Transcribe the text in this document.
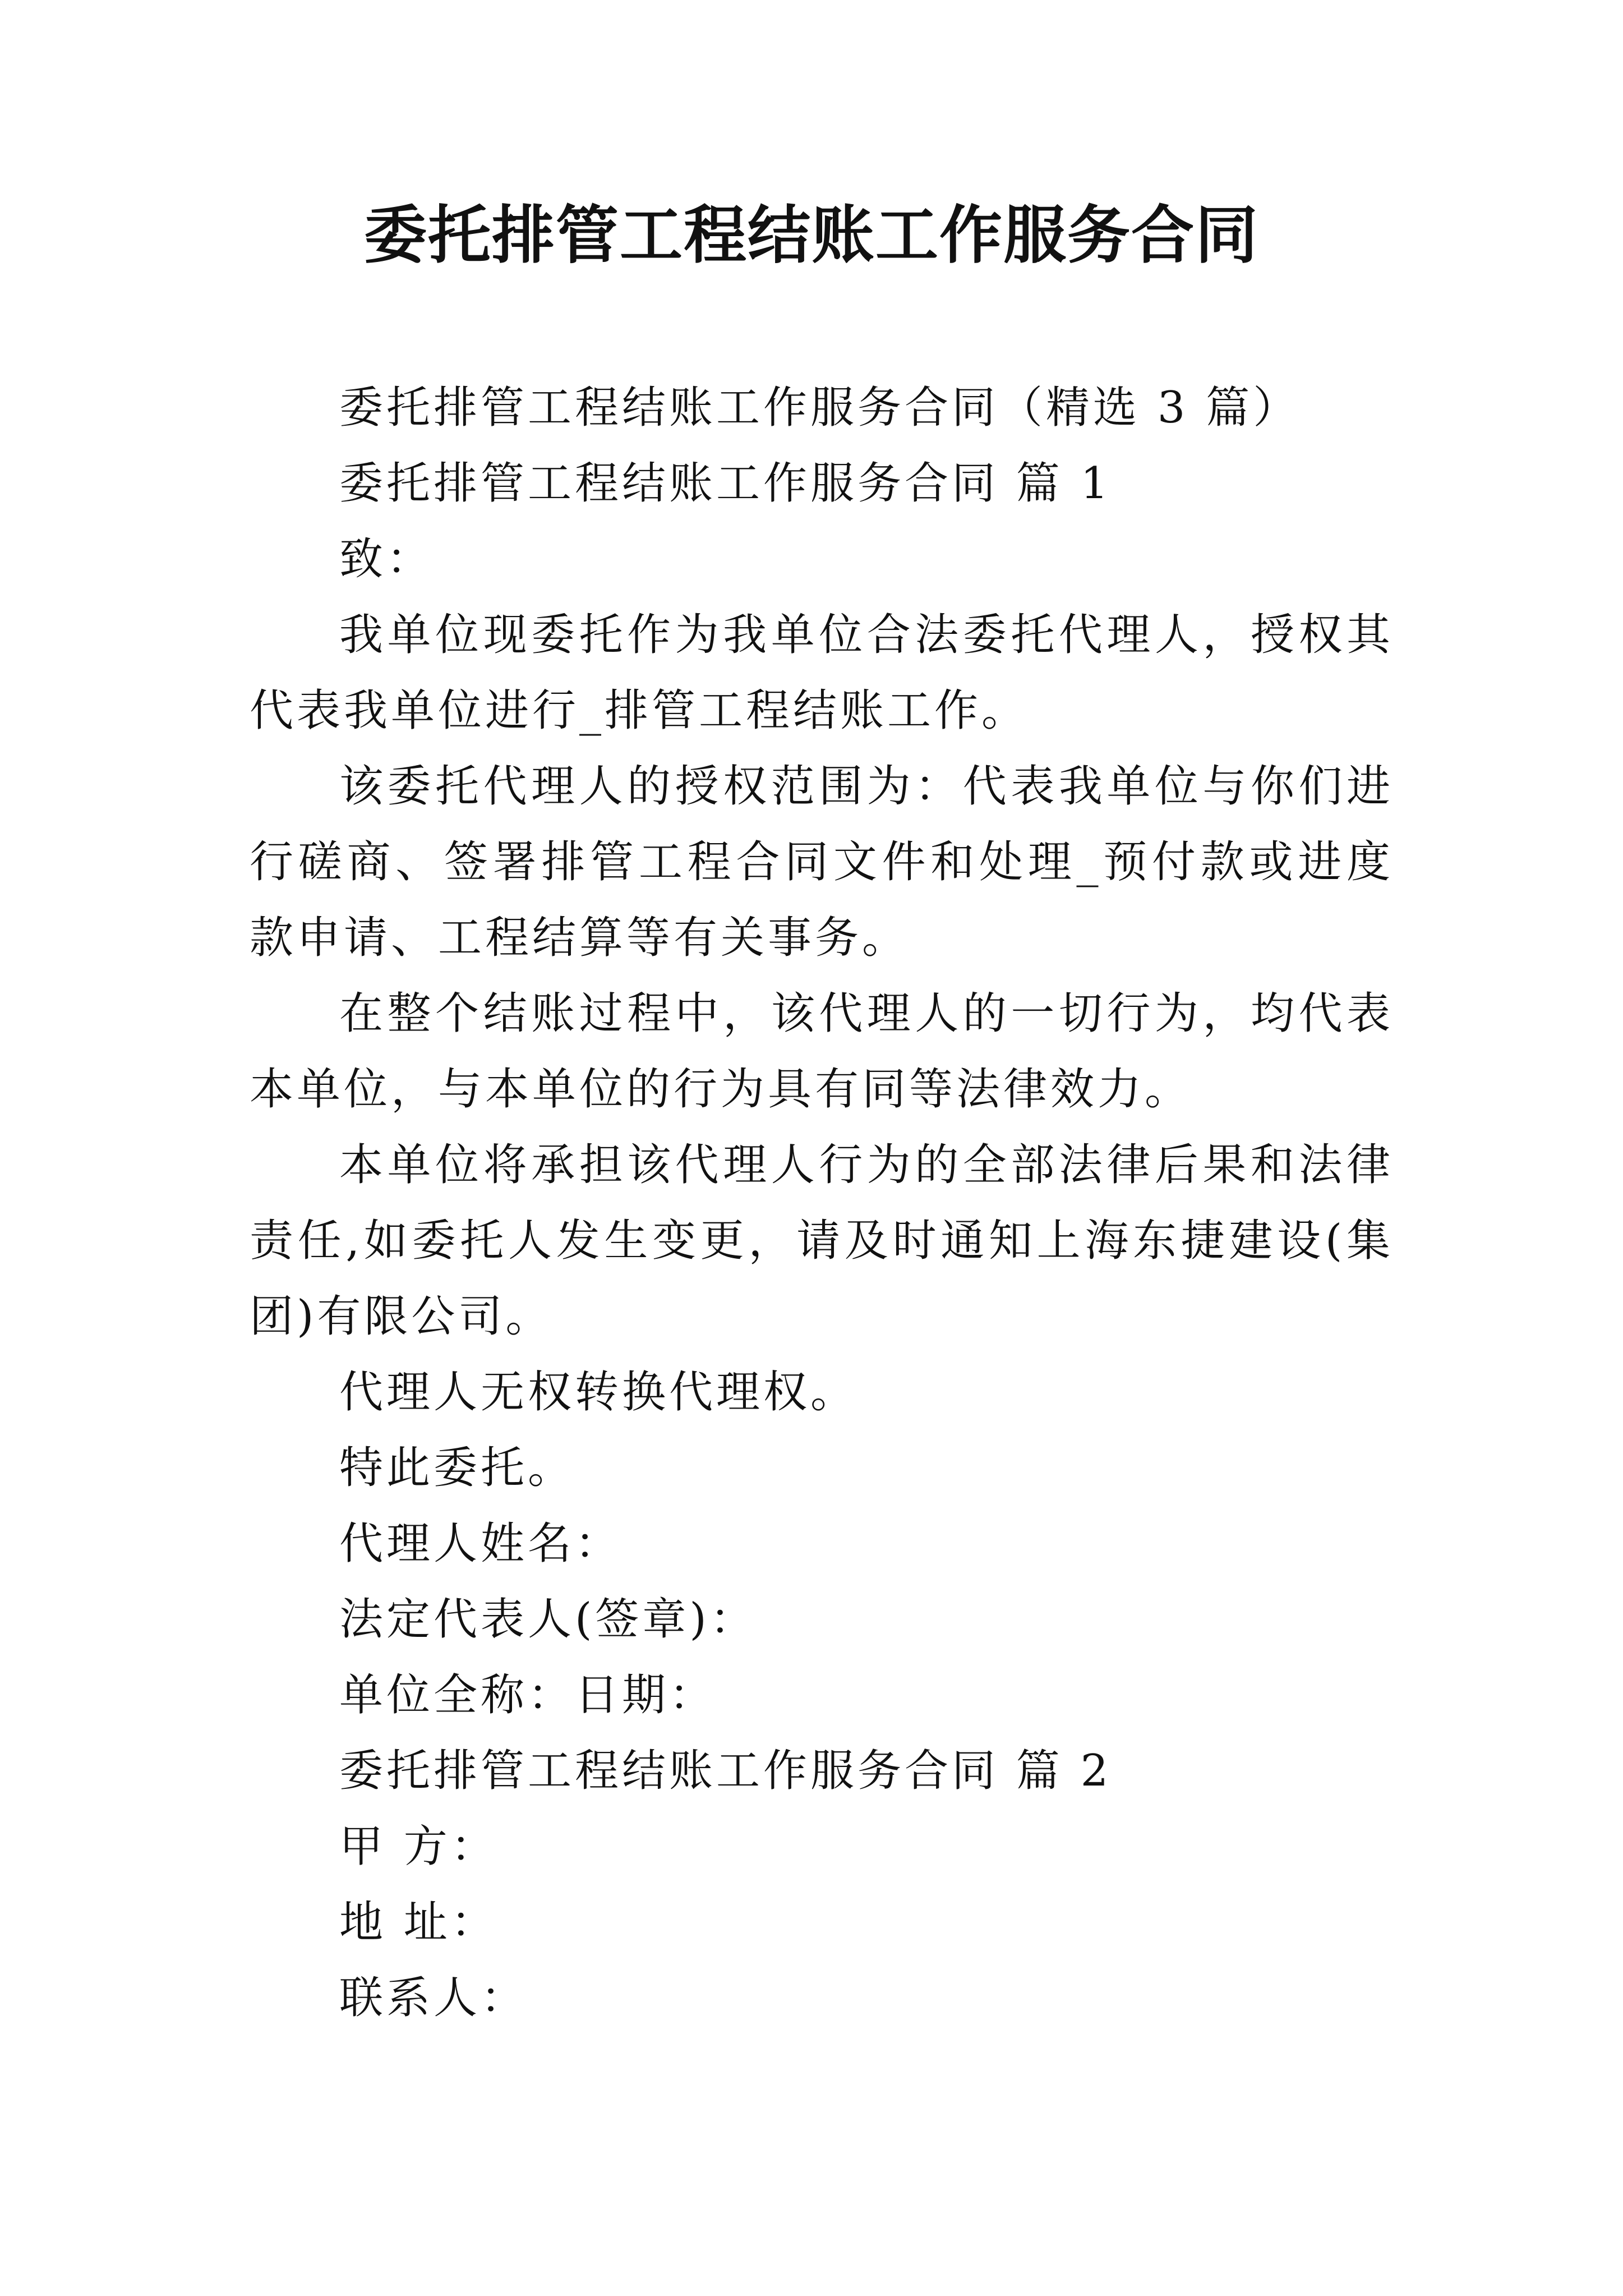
委托排管工程结账工作服务合同

委托排管工程结账工作服务合同（精选 3 篇）

委托排管工程结账工作服务合同 篇 1

致：

我单位现委托作为我单位合法委托代理人，授权其代表我单位进行_排管工程结账工作。

该委托代理人的授权范围为：代表我单位与你们进行磋商、签署排管工程合同文件和处理_预付款或进度款申请、工程结算等有关事务。

在整个结账过程中，该代理人的一切行为，均代表本单位，与本单位的行为具有同等法律效力。

本单位将承担该代理人行为的全部法律后果和法律责任,如委托人发生变更，请及时通知上海东捷建设(集团)有限公司。

代理人无权转换代理权。

特此委托。

代理人姓名：

法定代表人(签章)：

单位全称：日期：

委托排管工程结账工作服务合同 篇 2

甲 方：

地 址：

联系人：
